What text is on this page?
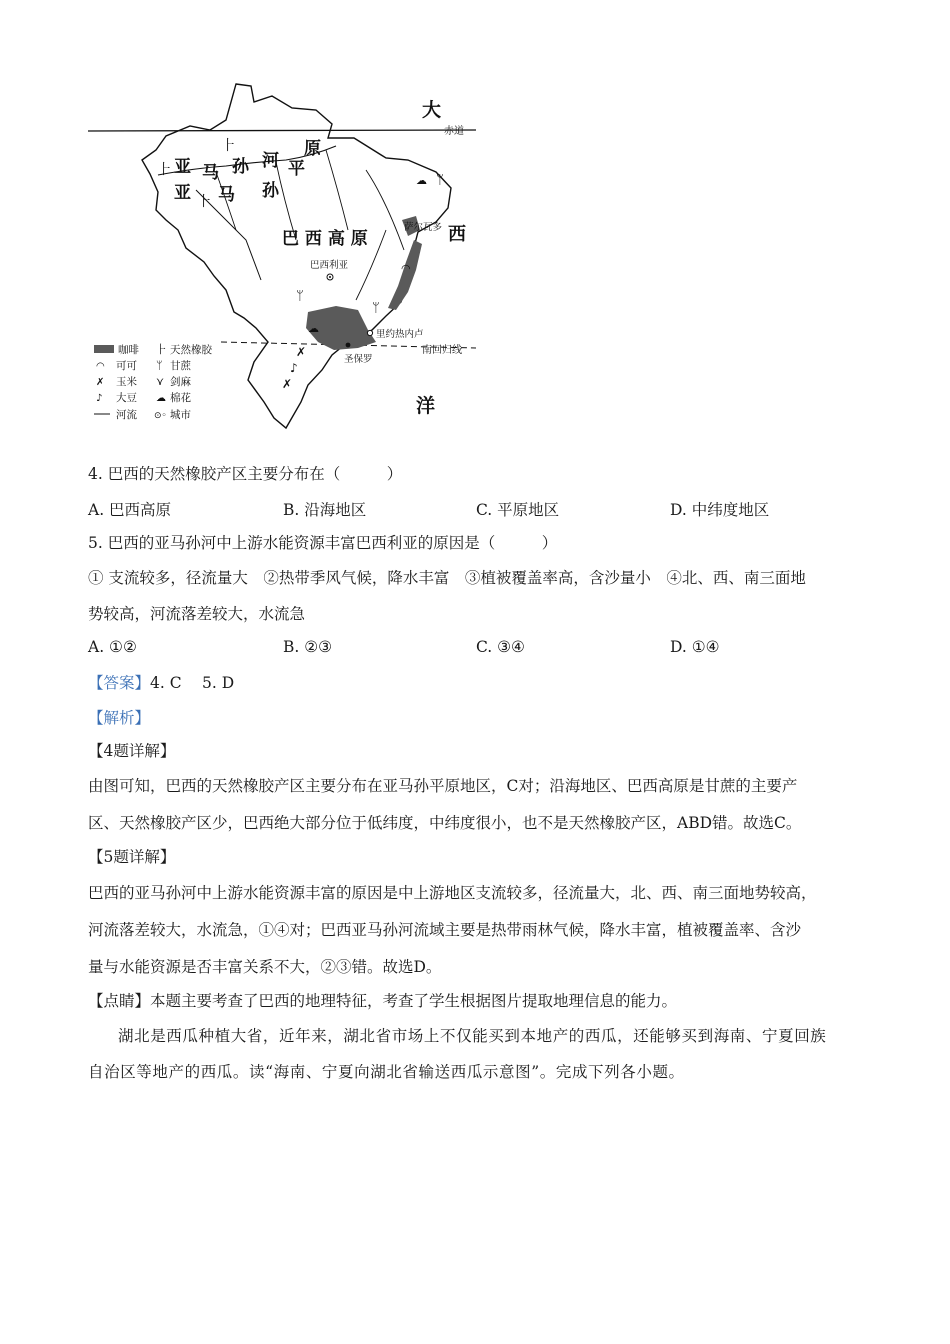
赤道
南回归线
亚 马 孙 平
原
亚 马 孙
河
巴 西 高 原	西
大
洋
萨尔瓦多
巴西利亚
里约热内卢
圣保罗
⺊
⺊
⺊
ᛘ
ᛘ
ᛘ
☁
☁
◠
✗
♪
✗
咖啡 ⺊ 天然橡胶
◠ 可可 ᛘ 甘蔗
✗ 玉米 ⋎ 剑麻
♪ 大豆 ☁ 棉花
河流 ⊙◦ 城市
4. 巴西的天然橡胶产区主要分布在（　　　）
A. 巴西高原	B. 沿海地区	C. 平原地区	D. 中纬度地区
5. 巴西的亚马孙河中上游水能资源丰富巴西利亚的原因是（　　　）
① 支流较多，径流量大　②热带季风气候，降水丰富　③植被覆盖率高，含沙量小　④北、西、南三面地
势较高，河流落差较大，水流急
A. ①②	B. ②③	C. ③④	D. ①④
【答案】4. C　 5. D
【解析】
【4题详解】
由图可知，巴西的天然橡胶产区主要分布在亚马孙平原地区，C对；沿海地区、巴西高原是甘蔗的主要产
区、天然橡胶产区少，巴西绝大部分位于低纬度，中纬度很小，也不是天然橡胶产区，ABD错。故选C。
【5题详解】
巴西的亚马孙河中上游水能资源丰富的原因是中上游地区支流较多，径流量大，北、西、南三面地势较高，
河流落差较大，水流急，①④对；巴西亚马孙河流域主要是热带雨林气候，降水丰富，植被覆盖率、含沙
量与水能资源是否丰富关系不大，②③错。故选D。
【点睛】本题主要考查了巴西的地理特征，考查了学生根据图片提取地理信息的能力。
湖北是西瓜种植大省，近年来，湖北省市场上不仅能买到本地产的西瓜，还能够买到海南、宁夏回族
自治区等地产的西瓜。读“海南、宁夏向湖北省输送西瓜示意图”。完成下列各小题。
